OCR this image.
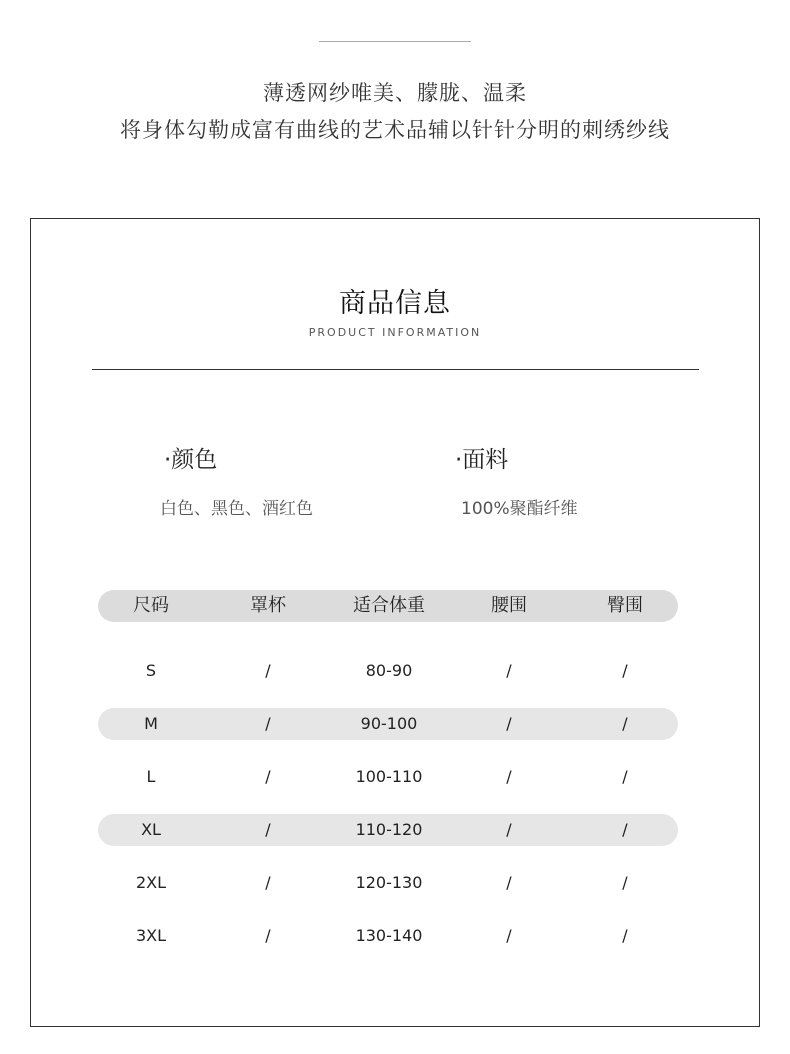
薄透网纱唯美、朦胧、温柔
将身体勾勒成富有曲线的艺术品辅以针针分明的刺绣纱线
商品信息
PRODUCT INFORMATION
·颜色
白色、黑色、酒红色
·面料
100%聚酯纤维
尺码	罩杯	适合体重	腰围	臀围
S	/	80-90	/	/
M	/	90-100	/	/
L	/	100-110	/	/
XL	/	110-120	/	/
2XL	/	120-130	/	/
3XL	/	130-140	/	/
